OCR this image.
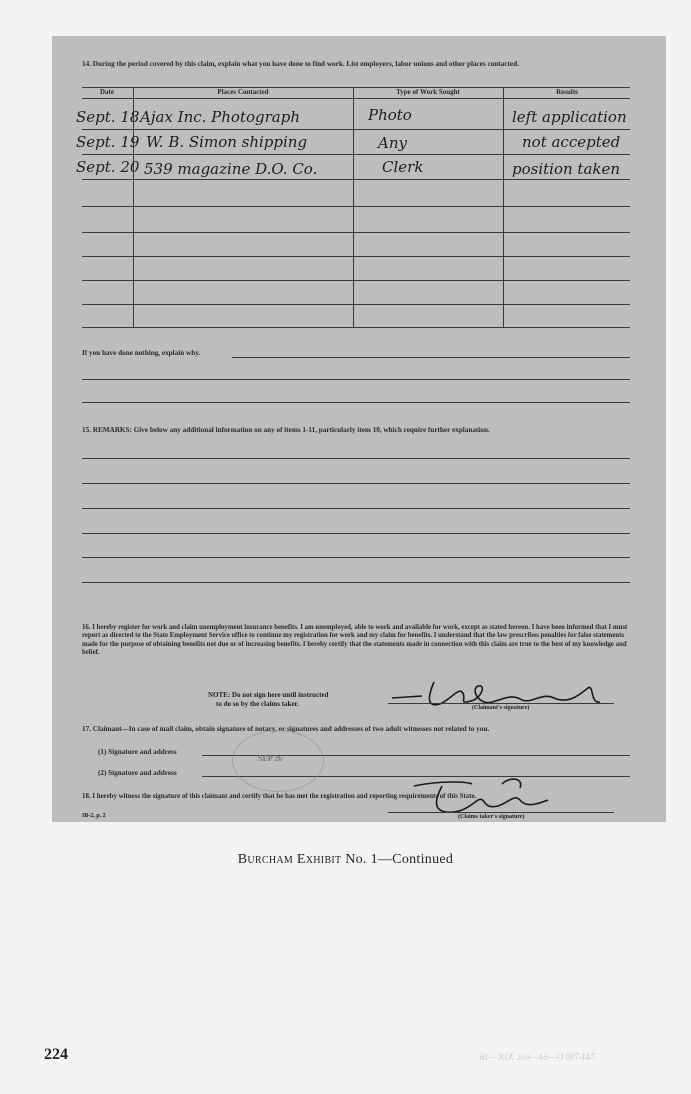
14. During the period covered by this claim, explain what you have done to find work. List employers, labor unions and other places contacted.
Date	Places Contacted	Type of Work Sought	Results
Sept. 18 Ajax Inc. Photograph	Photo	left application
Sept. 19 W. B. Simon shipping	Any	not accepted
Sept. 20 539 magazine D.O. Co.	Clerk	position taken
If you have done nothing, explain why.
15. REMARKS: Give below any additional information on any of items 1-11, particularly item 10, which require further explanation.
16. I hereby register for work and claim unemployment insurance benefits. I am unemployed, able to work and available for work, except as stated hereon. I have been informed that I must report as directed to the State Employment Service office to continue my registration for work and my claim for benefits. I understand that the law prescribes penalties for false statements made for the purpose of obtaining benefits not due or of increasing benefits. I hereby certify that the statements made in connection with this claim are true to the best of my knowledge and belief.
NOTE: Do not sign here until instructed
to do so by the claims taker.	(Claimant's signature)
17. Claimant—In case of mail claim, obtain signature of notary, or signatures and addresses of two adult witnesses not related to you.
(1) Signature and address
(2) Signature and address
SEP 26
18. I hereby witness the signature of this claimant and certify that he has met the registration and reporting requirements of this State.
(Claims taker's signature)
IB-2, p. 2
Burcham Exhibit No. 1—Continued
224	744-790 O—64—vol. XIX—16
